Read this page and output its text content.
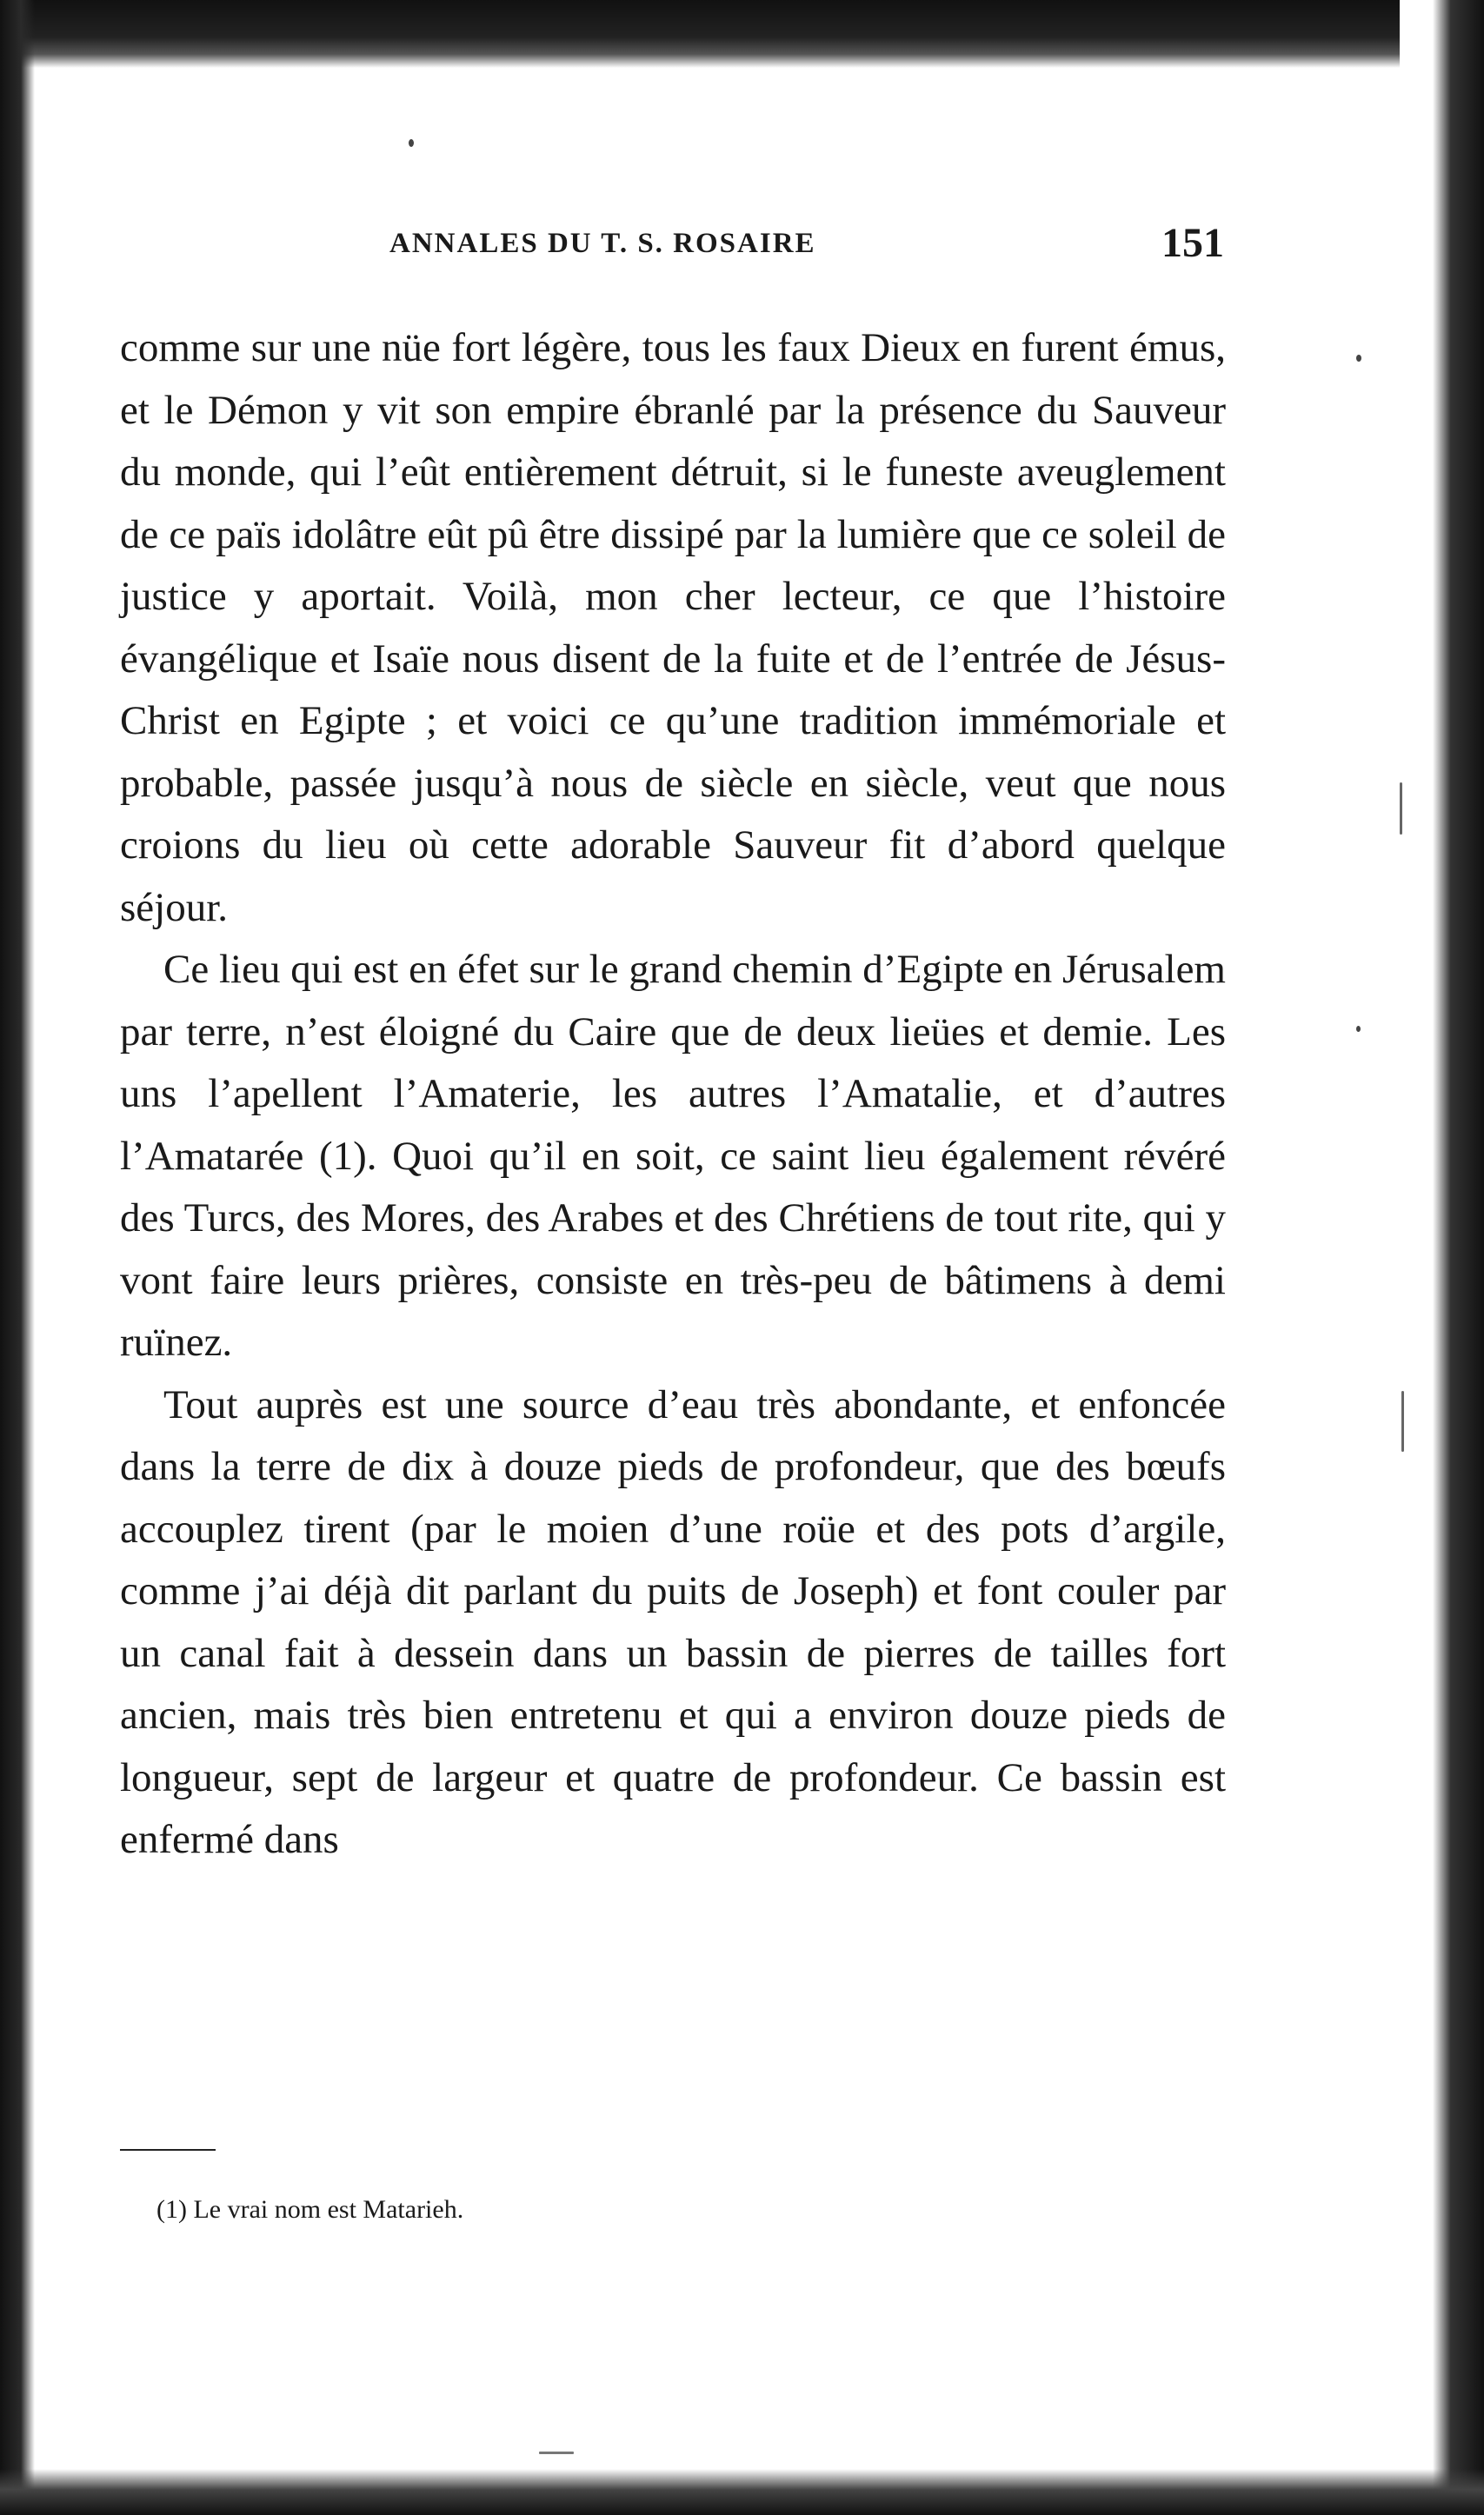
ANNALES DU T. S. ROSAIRE	151

comme sur une nüe fort légère, tous les faux Dieux en furent émus, et le Démon y vit son empire ébranlé par la présence du Sauveur du monde, qui l’eût entièrement détruit, si le funeste aveuglement de ce païs idolâtre eût pû être dissipé par la lumière que ce soleil de justice y aportait. Voilà, mon cher lecteur, ce que l’histoire évangélique et Isaïe nous disent de la fuite et de l’entrée de Jésus-Christ en Egipte ; et voici ce qu’une tradition immémoriale et probable, passée jusqu’à nous de siècle en siècle, veut que nous croions du lieu où cette adorable Sauveur fit d’abord quelque séjour.

Ce lieu qui est en éfet sur le grand chemin d’Egipte en Jérusalem par terre, n’est éloigné du Caire que de deux lieües et demie. Les uns l’apellent l’Amaterie, les autres l’Amatalie, et d’autres l’Amatarée (1). Quoi qu’il en soit, ce saint lieu également révéré des Turcs, des Mores, des Arabes et des Chrétiens de tout rite, qui y vont faire leurs prières, consiste en très-peu de bâtimens à demi ruïnez.

Tout auprès est une source d’eau très abondante, et enfoncée dans la terre de dix à douze pieds de profondeur, que des bœufs accouplez tirent (par le moien d’une roüe et des pots d’argile, comme j’ai déjà dit parlant du puits de Joseph) et font couler par un canal fait à dessein dans un bassin de pierres de tailles fort ancien, mais très bien entretenu et qui a environ douze pieds de longueur, sept de largeur et quatre de profondeur. Ce bassin est enfermé dans

(1) Le vrai nom est Matarieh.
